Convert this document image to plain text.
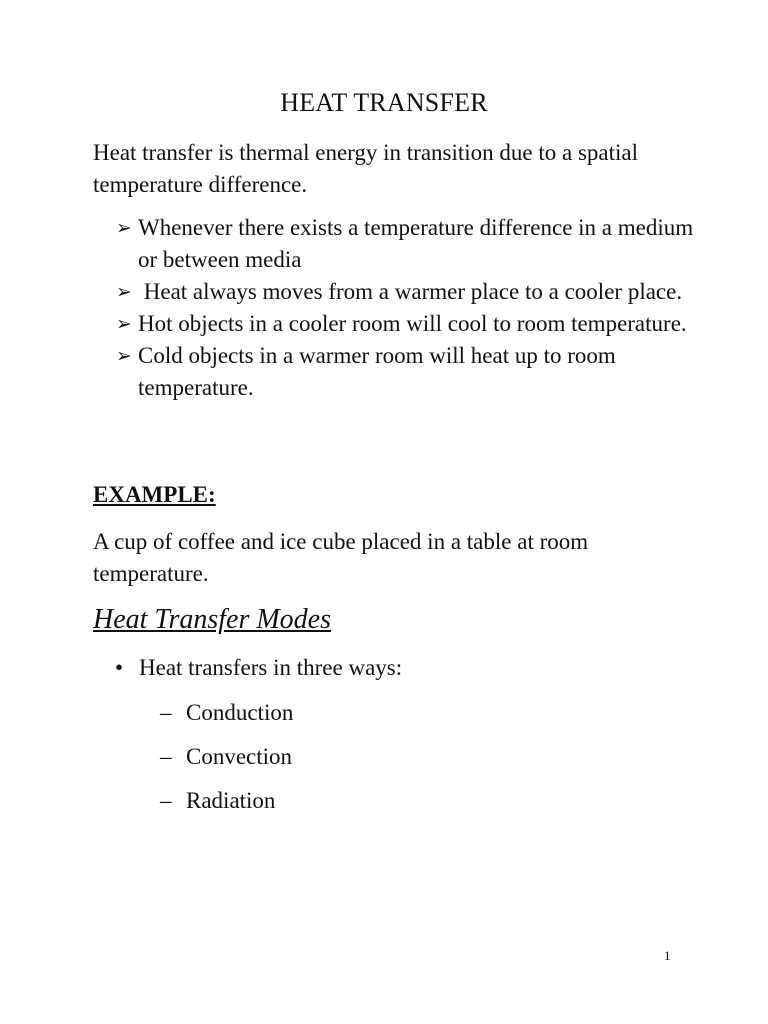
HEAT TRANSFER
Heat transfer is thermal energy in transition due to a spatial temperature difference.
➢ Whenever there exists a temperature difference in a medium or between media
➢ Heat always moves from a warmer place to a cooler place.
➢ Hot objects in a cooler room will cool to room temperature.
➢ Cold objects in a warmer room will heat up to room temperature.
EXAMPLE:
A cup of coffee and ice cube placed in a table at room temperature.
Heat Transfer Modes
• Heat transfers in three ways:
– Conduction
– Convection
– Radiation
1
